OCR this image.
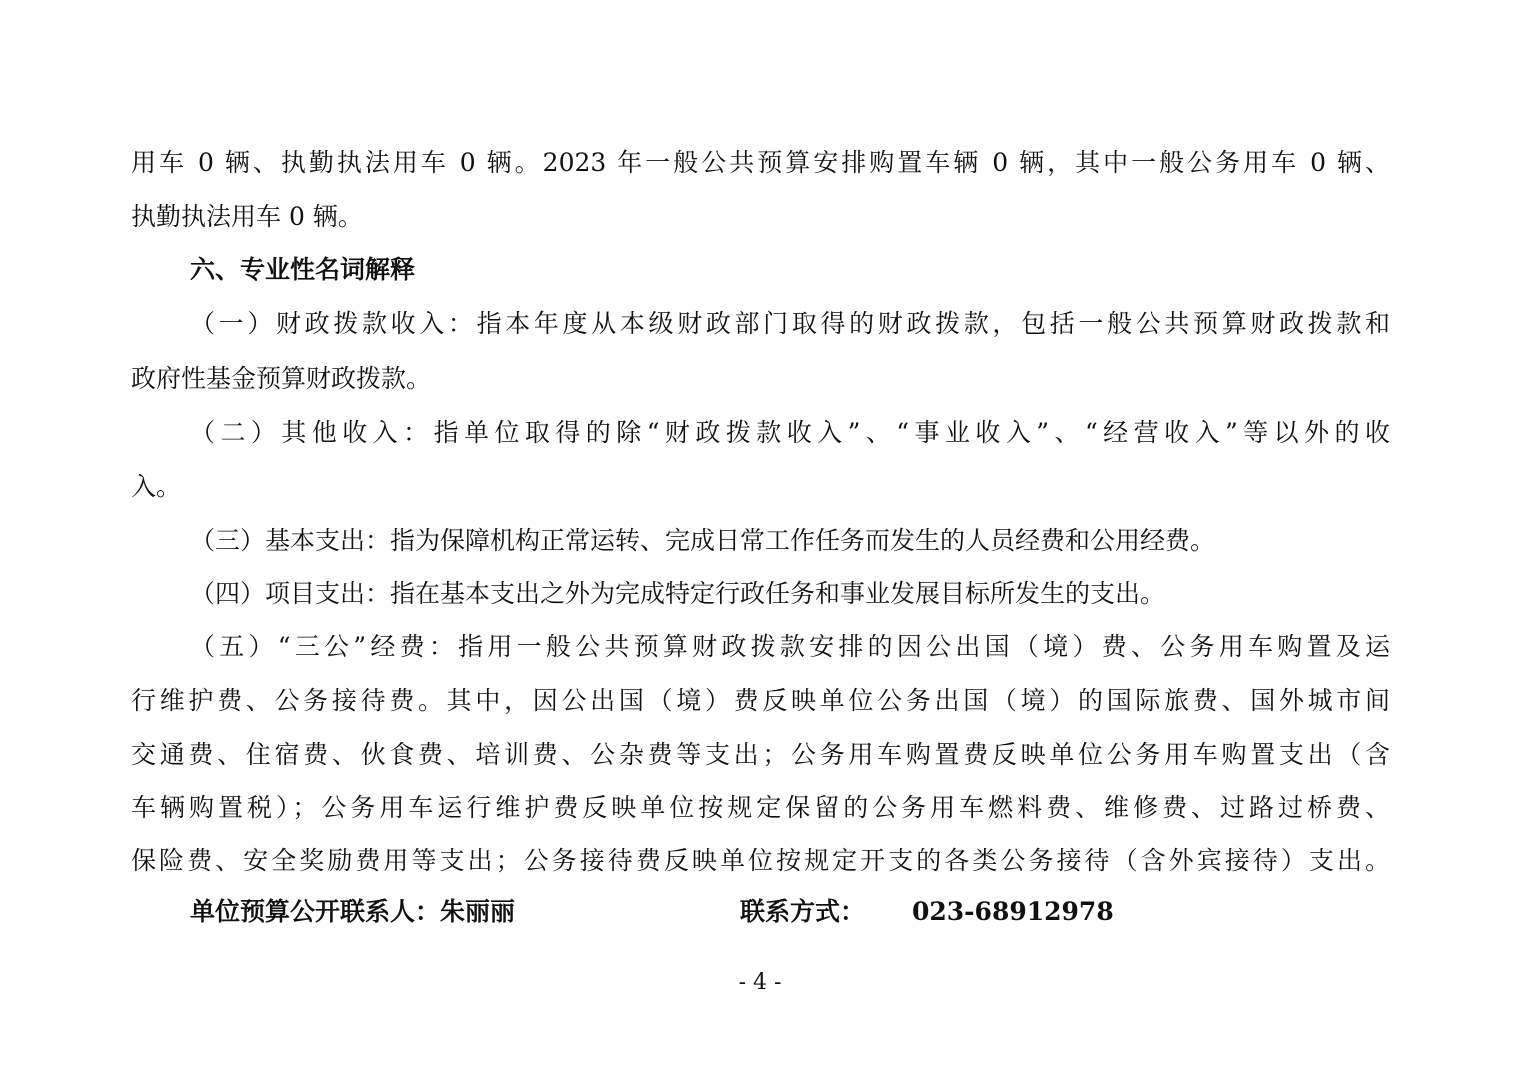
用车 0 辆、执勤执法用车 0 辆。2023 年一般公共预算安排购置车辆 0 辆，其中一般公务用车 0 辆、
执勤执法用车 0 辆。
六、专业性名词解释
（一）财政拨款收入：指本年度从本级财政部门取得的财政拨款，包括一般公共预算财政拨款和
政府性基金预算财政拨款。
（二）其他收入：指单位取得的除“财政拨款收入”、“事业收入”、“经营收入”等以外的收
入。
（三）基本支出：指为保障机构正常运转、完成日常工作任务而发生的人员经费和公用经费。
（四）项目支出：指在基本支出之外为完成特定行政任务和事业发展目标所发生的支出。
（五）“三公”经费：指用一般公共预算财政拨款安排的因公出国（境）费、公务用车购置及运
行维护费、公务接待费。其中，因公出国（境）费反映单位公务出国（境）的国际旅费、国外城市间
交通费、住宿费、伙食费、培训费、公杂费等支出；公务用车购置费反映单位公务用车购置支出（含
车辆购置税）；公务用车运行维护费反映单位按规定保留的公务用车燃料费、维修费、过路过桥费、
保险费、安全奖励费用等支出；公务接待费反映单位按规定开支的各类公务接待（含外宾接待）支出。
单位预算公开联系人：朱丽丽	联系方式： 023-68912978
- 4 -
